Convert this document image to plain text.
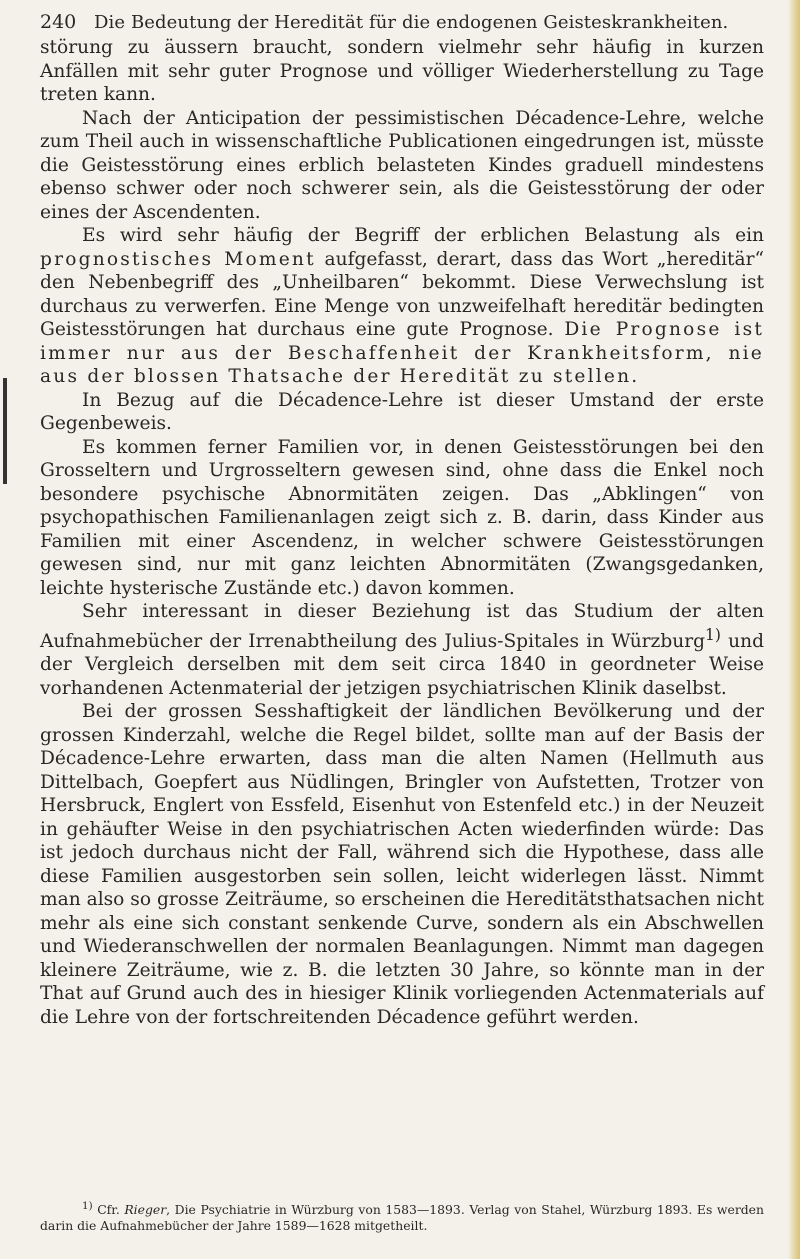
240 Die Bedeutung der Heredität für die endogenen Geisteskrankheiten.

störung zu äussern braucht, sondern vielmehr sehr häufig in kurzen Anfällen mit sehr guter Prognose und völliger Wiederherstellung zu Tage treten kann.

Nach der Anticipation der pessimistischen Décadence-Lehre, welche zum Theil auch in wissenschaftliche Publicationen eingedrungen ist, müsste die Geistesstörung eines erblich belasteten Kindes graduell mindestens ebenso schwer oder noch schwerer sein, als die Geistesstörung der oder eines der Ascendenten.

Es wird sehr häufig der Begriff der erblichen Belastung als ein prognostisches Moment aufgefasst, derart, dass das Wort „hereditär“ den Nebenbegriff des „Unheilbaren“ bekommt. Diese Verwechslung ist durchaus zu verwerfen. Eine Menge von unzweifelhaft hereditär bedingten Geistesstörungen hat durchaus eine gute Prognose. Die Prognose ist immer nur aus der Beschaffenheit der Krankheitsform, nie aus der blossen Thatsache der Heredität zu stellen.

In Bezug auf die Décadence-Lehre ist dieser Umstand der erste Gegenbeweis.

Es kommen ferner Familien vor, in denen Geistesstörungen bei den Grosseltern und Urgrosseltern gewesen sind, ohne dass die Enkel noch besondere psychische Abnormitäten zeigen. Das „Abklingen“ von psychopathischen Familienanlagen zeigt sich z. B. darin, dass Kinder aus Familien mit einer Ascendenz, in welcher schwere Geistesstörungen gewesen sind, nur mit ganz leichten Abnormitäten (Zwangsgedanken, leichte hysterische Zustände etc.) davon kommen.

Sehr interessant in dieser Beziehung ist das Studium der alten Aufnahmebücher der Irrenabtheilung des Julius-Spitales in Würzburg$^{1)}$ und der Vergleich derselben mit dem seit circa 1840 in geordneter Weise vorhandenen Actenmaterial der jetzigen psychiatrischen Klinik daselbst.

Bei der grossen Sesshaftigkeit der ländlichen Bevölkerung und der grossen Kinderzahl, welche die Regel bildet, sollte man auf der Basis der Décadence-Lehre erwarten, dass man die alten Namen (Hellmuth aus Dittelbach, Goepfert aus Nüdlingen, Bringler von Aufstetten, Trotzer von Hersbruck, Englert von Essfeld, Eisenhut von Estenfeld etc.) in der Neuzeit in gehäufter Weise in den psychiatrischen Acten wiederfinden würde: Das ist jedoch durchaus nicht der Fall, während sich die Hypothese, dass alle diese Familien ausgestorben sein sollen, leicht widerlegen lässt. Nimmt man also so grosse Zeiträume, so erscheinen die Hereditätsthatsachen nicht mehr als eine sich constant senkende Curve, sondern als ein Abschwellen und Wiederanschwellen der normalen Beanlagungen. Nimmt man dagegen kleinere Zeiträume, wie z. B. die letzten 30 Jahre, so könnte man in der That auf Grund auch des in hiesiger Klinik vorliegenden Actenmaterials auf die Lehre von der fortschreitenden Décadence geführt werden.

$^{1)}$ Cfr. Rieger, Die Psychiatrie in Würzburg von 1583—1893. Verlag von Stahel, Würzburg 1893. Es werden darin die Aufnahmebücher der Jahre 1589—1628 mitgetheilt.
